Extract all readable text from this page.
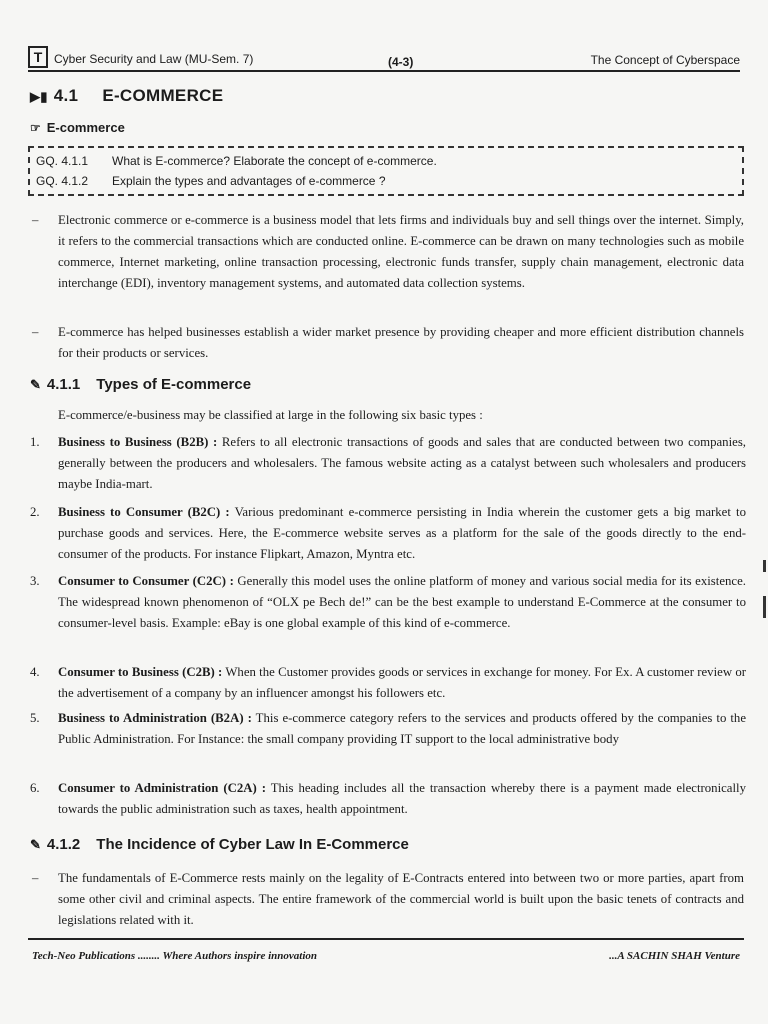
T Cyber Security and Law (MU-Sem. 7)	(4-3)	The Concept of Cyberspace
▶▮ 4.1 E-COMMERCE
☞ E-commerce
GQ. 4.1.1 What is E-commerce? Elaborate the concept of e-commerce.
GQ. 4.1.2 Explain the types and advantages of e-commerce ?
– Electronic commerce or e-commerce is a business model that lets firms and individuals buy and sell things over the internet. Simply, it refers to the commercial transactions which are conducted online. E-commerce can be drawn on many technologies such as mobile commerce, Internet marketing, online transaction processing, electronic funds transfer, supply chain management, electronic data interchange (EDI), inventory management systems, and automated data collection systems.
– E-commerce has helped businesses establish a wider market presence by providing cheaper and more efficient distribution channels for their products or services.
✎ 4.1.1 Types of E-commerce
E-commerce/e-business may be classified at large in the following six basic types :
1. Business to Business (B2B) : Refers to all electronic transactions of goods and sales that are conducted between two companies, generally between the producers and wholesalers. The famous website acting as a catalyst between such wholesalers and producers maybe India-mart.
2. Business to Consumer (B2C) : Various predominant e-commerce persisting in India wherein the customer gets a big market to purchase goods and services. Here, the E-commerce website serves as a platform for the sale of the goods directly to the end-consumer of the products. For instance Flipkart, Amazon, Myntra etc.
3. Consumer to Consumer (C2C) : Generally this model uses the online platform of money and various social media for its existence. The widespread known phenomenon of “OLX pe Bech de!” can be the best example to understand E-Commerce at the consumer to consumer-level basis. Example: eBay is one global example of this kind of e-commerce.
4. Consumer to Business (C2B) : When the Customer provides goods or services in exchange for money. For Ex. A customer review or the advertisement of a company by an influencer amongst his followers etc.
5. Business to Administration (B2A) : This e-commerce category refers to the services and products offered by the companies to the Public Administration. For Instance: the small company providing IT support to the local administrative body
6. Consumer to Administration (C2A) : This heading includes all the transaction whereby there is a payment made electronically towards the public administration such as taxes, health appointment.
✎ 4.1.2 The Incidence of Cyber Law In E-Commerce
– The fundamentals of E-Commerce rests mainly on the legality of E-Contracts entered into between two or more parties, apart from some other civil and criminal aspects. The entire framework of the commercial world is built upon the basic tenets of contracts and legislations related with it.
Tech-Neo Publications ........ Where Authors inspire innovation	...A SACHIN SHAH Venture
